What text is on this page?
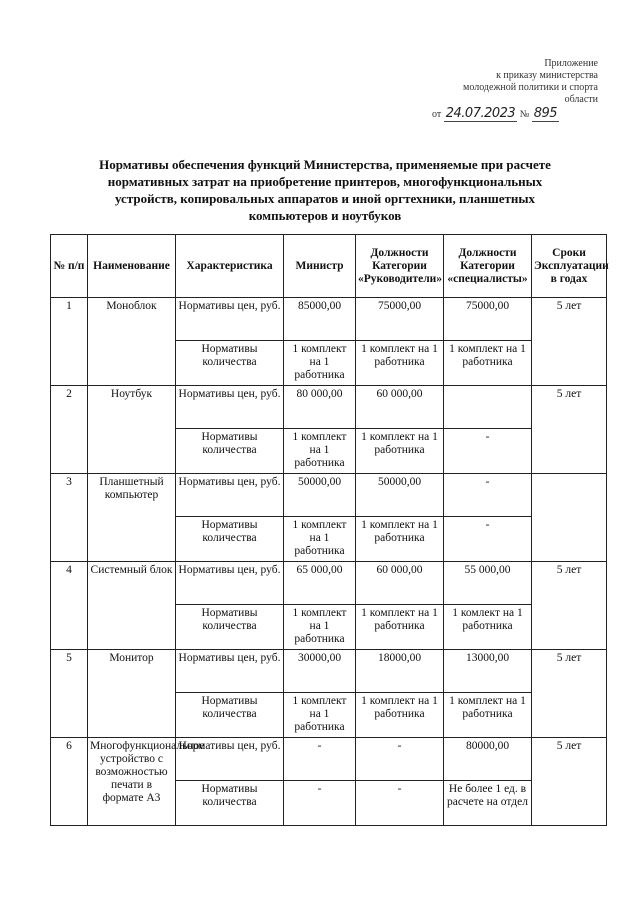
Приложение
к приказу министерства
молодежной политики и спорта
области
от 24.07.2023 № 895
Нормативы обеспечения функций Министерства, применяемые при расчете нормативных затрат на приобретение принтеров, многофункциональных устройств, копировальных аппаратов и иной оргтехники, планшетных компьютеров и ноутбуков
№ п/п	Наименование	Характеристика	Министр	Должности Категории «Руководители»	Должности Категории «специалисты»	Сроки Эксплуатации в годах
1	Моноблок	Нормативы цен, руб.	85000,00	75000,00	75000,00	5 лет
		Нормативы количества	1 комплект на 1 работника	1 комплект на 1 работника	1 комплект на 1 работника	
2	Ноутбук	Нормативы цен, руб.	80 000,00	60 000,00		5 лет
		Нормативы количества	1 комплект на 1 работника	1 комплект на 1 работника	-	
3	Планшетный компьютер	Нормативы цен, руб.	50000,00	50000,00	-	
		Нормативы количества	1 комплект на 1 работника	1 комплект на 1 работника	-	
4	Системный блок	Нормативы цен, руб.	65 000,00	60 000,00	55 000,00	5 лет
		Нормативы количества	1 комплект на 1 работника	1 комплект на 1 работника	1 комлект на 1 работника	
5	Монитор	Нормативы цен, руб.	30000,00	18000,00	13000,00	5 лет
		Нормативы количества	1 комплект на 1 работника	1 комплект на 1 работника	1 комплект на 1 работника	
6	Многофункциональное устройство с возможностью печати в формате А3	Нормативы цен, руб.	-	-	80000,00	5 лет
		Нормативы количества	-	-	Не более 1 ед. в расчете на отдел	
